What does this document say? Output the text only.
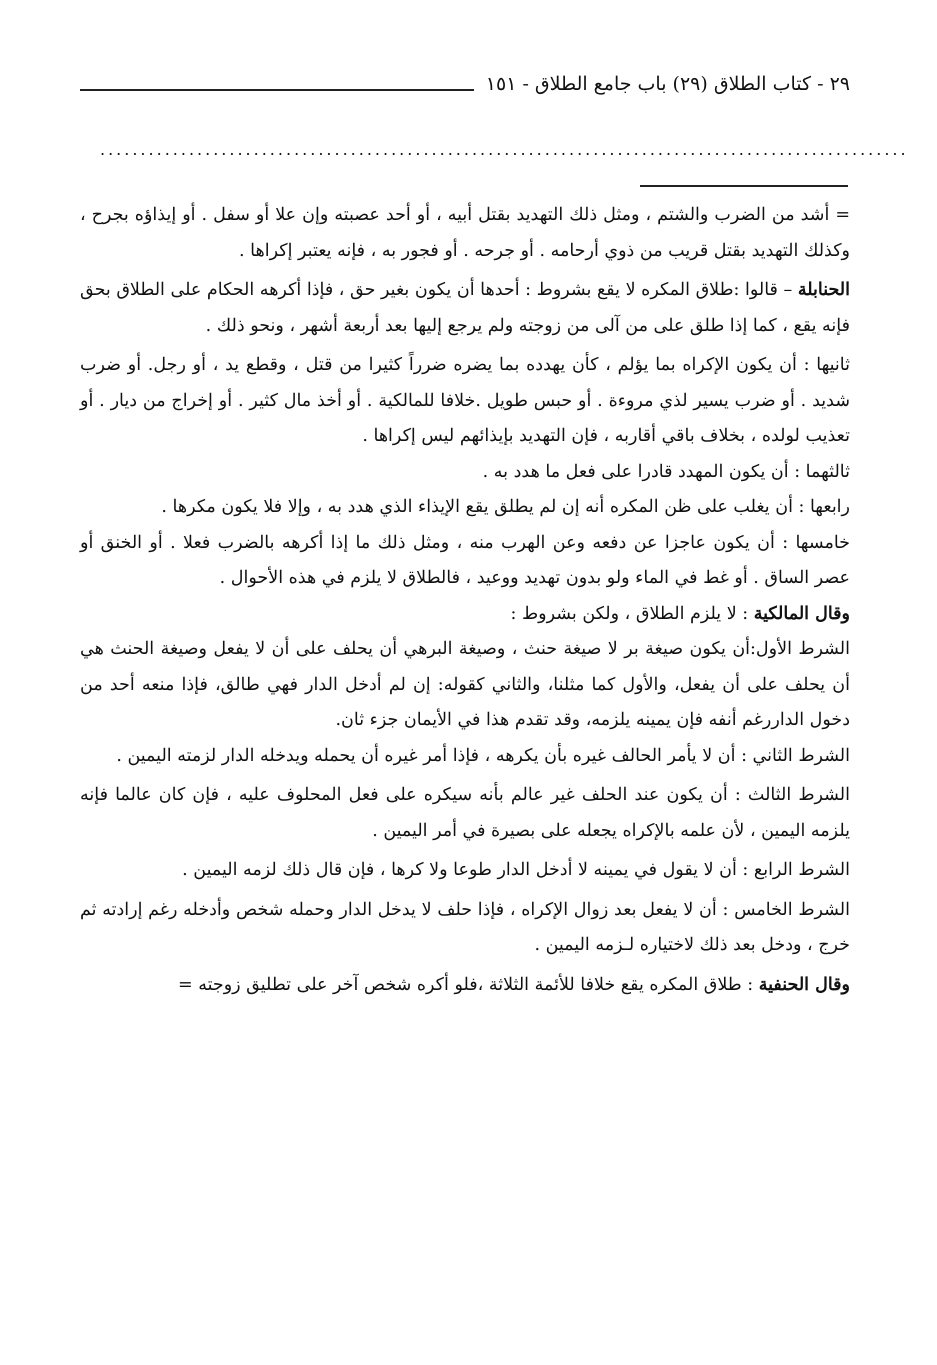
٢٩ - كتاب الطلاق (٢٩) باب جامع الطلاق - ١٥١
....................................................................................................

= أشد من الضرب والشتم ، ومثل ذلك التهديد بقتل أبيه ، أو أحد عصبته وإن علا أو سفل . أو إيذاؤه بجرح ، وكذلك التهديد بقتل قريب من ذوي أرحامه . أو جرحه . أو فجور به ، فإنه يعتبر إكراها .

الحنابلة – قالوا :طلاق المكره لا يقع بشروط : أحدها أن يكون بغير حق ، فإذا أكرهه الحكام على الطلاق بحق فإنه يقع ، كما إذا طلق على من آلى من زوجته ولم يرجع إليها بعد أربعة أشهر ، ونحو ذلك .

ثانيها : أن يكون الإكراه بما يؤلم ، كأن يهدده بما يضره ضرراً كثيرا من قتل ، وقطع يد ، أو رجل. أو ضرب شديد . أو ضرب يسير لذي مروءة . أو حبس طويل .خلافا للمالكية . أو أخذ مال كثير . أو إخراج من ديار . أو تعذيب لولده ، بخلاف باقي أقاربه ، فإن التهديد بإيذائهم ليس إكراها .

ثالثهما : أن يكون المهدد قادرا على فعل ما هدد به .

رابعها : أن يغلب على ظن المكره أنه إن لم يطلق يقع الإيذاء الذي هدد به ، وإلا فلا يكون مكرها .

خامسها : أن يكون عاجزا عن دفعه وعن الهرب منه ، ومثل ذلك ما إذا أكرهه بالضرب فعلا . أو الخنق أو عصر الساق . أو غط في الماء ولو بدون تهديد ووعيد ، فالطلاق لا يلزم في هذه الأحوال .

وقال المالكية : لا يلزم الطلاق ، ولكن بشروط :

الشرط الأول:أن يكون صيغة بر لا صيغة حنث ، وصيغة البرهي أن يحلف على أن لا يفعل وصيغة الحنث هي أن يحلف على أن يفعل، والأول كما مثلنا، والثاني كقوله: إن لم أدخل الدار فهي طالق، فإذا منعه أحد من دخول الداررغم أنفه فإن يمينه يلزمه، وقد تقدم هذا في الأيمان جزء ثان.

الشرط الثاني : أن لا يأمر الحالف غيره بأن يكرهه ، فإذا أمر غيره أن يحمله ويدخله الدار لزمته اليمين .

الشرط الثالث : أن يكون عند الحلف غير عالم بأنه سيكره على فعل المحلوف عليه ، فإن كان عالما فإنه يلزمه اليمين ، لأن علمه بالإكراه يجعله على بصيرة في أمر اليمين .

الشرط الرابع : أن لا يقول في يمينه لا أدخل الدار طوعا ولا كرها ، فإن قال ذلك لزمه اليمين .

الشرط الخامس : أن لا يفعل بعد زوال الإكراه ، فإذا حلف لا يدخل الدار وحمله شخص وأدخله رغم إرادته ثم خرج ، ودخل بعد ذلك لاختياره لـزمه اليمين .

وقال الحنفية : طلاق المكره يقع خلافا للأئمة الثلاثة ،فلو أكره شخص آخر على تطليق زوجته =
